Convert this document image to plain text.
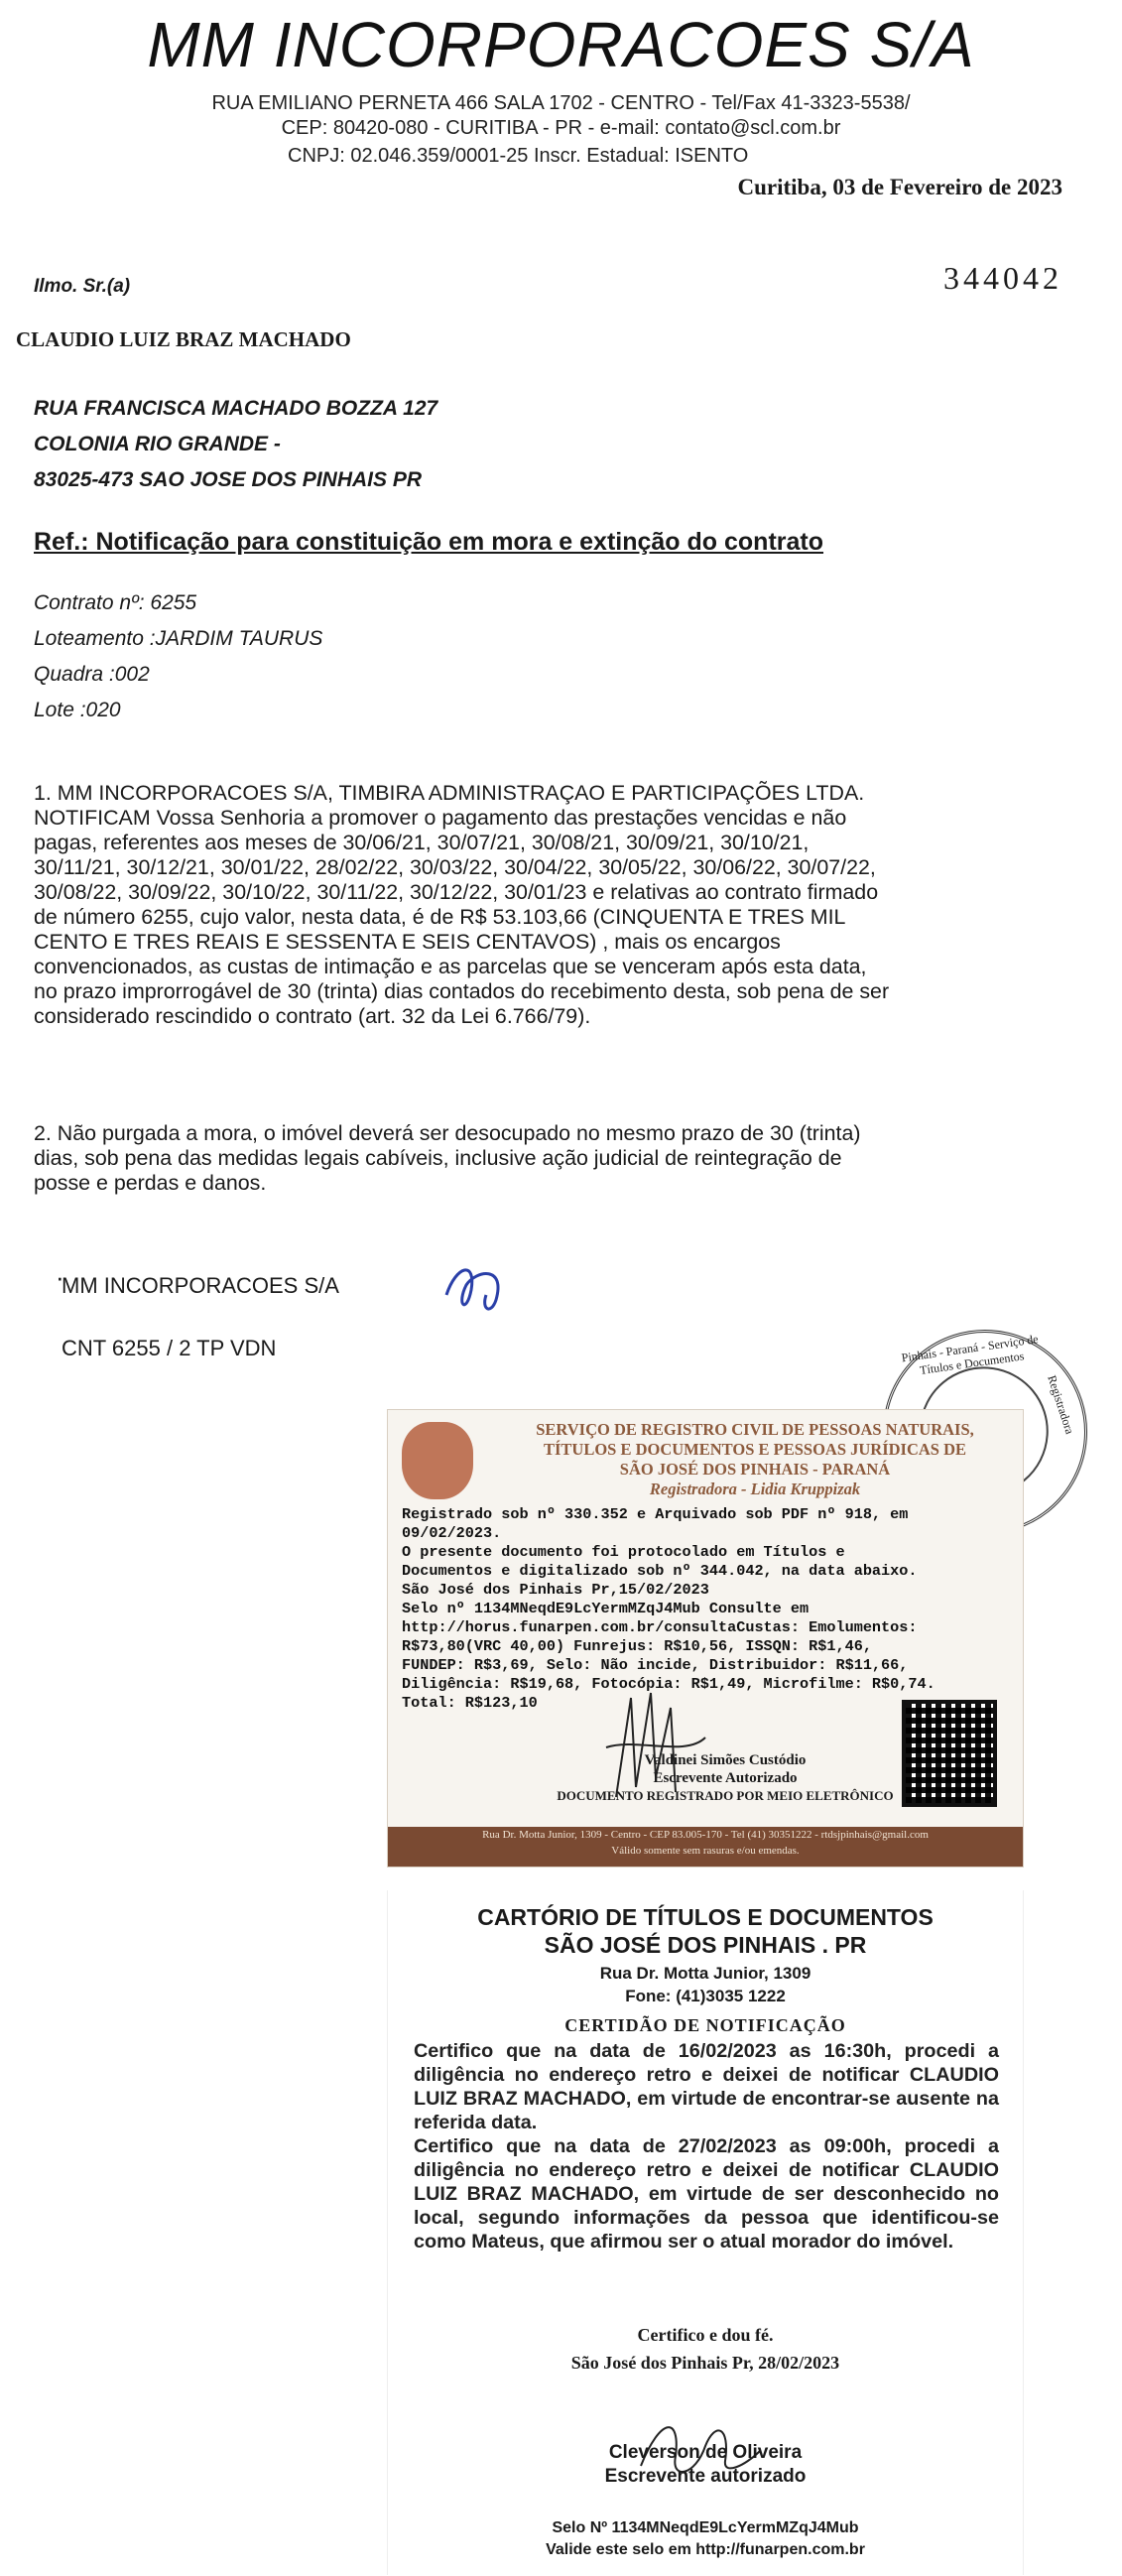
MM INCORPORACOES S/A
RUA EMILIANO PERNETA 466 SALA 1702 - CENTRO - Tel/Fax 41-3323-5538/
CEP: 80420-080 - CURITIBA - PR - e-mail: contato@scl.com.br
CNPJ: 02.046.359/0001-25 Inscr. Estadual: ISENTO
Curitiba, 03 de Fevereiro de 2023
344042
Ilmo. Sr.(a)
CLAUDIO LUIZ BRAZ MACHADO
RUA FRANCISCA MACHADO BOZZA 127
COLONIA RIO GRANDE -
83025-473 SAO JOSE DOS PINHAIS PR
Ref.: Notificação para constituição em mora e extinção do contrato
Contrato nº: 6255
Loteamento :JARDIM TAURUS
Quadra :002
Lote :020
1. MM INCORPORACOES S/A, TIMBIRA ADMINISTRAÇAO E PARTICIPAÇÕES LTDA.
NOTIFICAM Vossa Senhoria a promover o pagamento das prestações vencidas e não
pagas, referentes aos meses de 30/06/21, 30/07/21, 30/08/21, 30/09/21, 30/10/21,
30/11/21, 30/12/21, 30/01/22, 28/02/22, 30/03/22, 30/04/22, 30/05/22, 30/06/22, 30/07/22,
30/08/22, 30/09/22, 30/10/22, 30/11/22, 30/12/22, 30/01/23 e relativas ao contrato firmado
de número 6255, cujo valor, nesta data, é de R$ 53.103,66 (CINQUENTA E TRES MIL
CENTO E TRES REAIS E SESSENTA E SEIS CENTAVOS) , mais os encargos
convencionados, as custas de intimação e as parcelas que se venceram após esta data,
no prazo improrrogável de 30 (trinta) dias contados do recebimento desta, sob pena de ser
considerado rescindido o contrato (art. 32 da Lei 6.766/79).
2. Não purgada a mora, o imóvel deverá ser desocupado no mesmo prazo de 30 (trinta)
dias, sob pena das medidas legais cabíveis, inclusive ação judicial de reintegração de
posse e perdas e danos.
MM INCORPORACOES S/A
·
CNT 6255 / 2 TP VDN	Pinhais - Paraná - Serviço de Títulos e Documentos
Registradora
SERVIÇO DE REGISTRO CIVIL DE PESSOAS NATURAIS,
TÍTULOS E DOCUMENTOS E PESSOAS JURÍDICAS DE
SÃO JOSÉ DOS PINHAIS - PARANÁ
Registradora - Lidia Kruppizak
Registrado sob nº 330.352 e Arquivado sob PDF nº 918, em
09/02/2023.
O presente documento foi protocolado em Títulos e
Documentos e digitalizado sob nº 344.042, na data abaixo.
São José dos Pinhais Pr,15/02/2023
Selo nº 1134MNeqdE9LcYermMZqJ4Mub Consulte em
http://horus.funarpen.com.br/consultaCustas: Emolumentos:
R$73,80(VRC 40,00) Funrejus: R$10,56, ISSQN: R$1,46,
FUNDEP: R$3,69, Selo: Não incide, Distribuidor: R$11,66,
Diligência: R$19,68, Fotocópia: R$1,49, Microfilme: R$0,74.
Total: R$123,10
Valdinei Simões Custódio
Escrevente Autorizado
DOCUMENTO REGISTRADO POR MEIO ELETRÔNICO
Rua Dr. Motta Junior, 1309 - Centro - CEP 83.005-170 - Tel (41) 30351222 - rtdsjpinhais@gmail.com
Válido somente sem rasuras e/ou emendas.
CARTÓRIO DE TÍTULOS E DOCUMENTOS
SÃO JOSÉ DOS PINHAIS . PR
Rua Dr. Motta Junior, 1309
Fone: (41)3035 1222
CERTIDÃO DE NOTIFICAÇÃO
Certifico que na data de 16/02/2023 as 16:30h, procedi a diligência no endereço retro e deixei de notificar CLAUDIO LUIZ BRAZ MACHADO, em virtude de encontrar-se ausente na referida data.
Certifico que na data de 27/02/2023 as 09:00h, procedi a diligência no endereço retro e deixei de notificar CLAUDIO LUIZ BRAZ MACHADO, em virtude de ser desconhecido no local, segundo informações da pessoa que identificou-se como Mateus, que afirmou ser o atual morador do imóvel.
Certifico e dou fé.
São José dos Pinhais Pr, 28/02/2023
Cleverson de Oliveira
Escrevente autorizado
Selo Nº 1134MNeqdE9LcYermMZqJ4Mub
Valide este selo em http://funarpen.com.br
